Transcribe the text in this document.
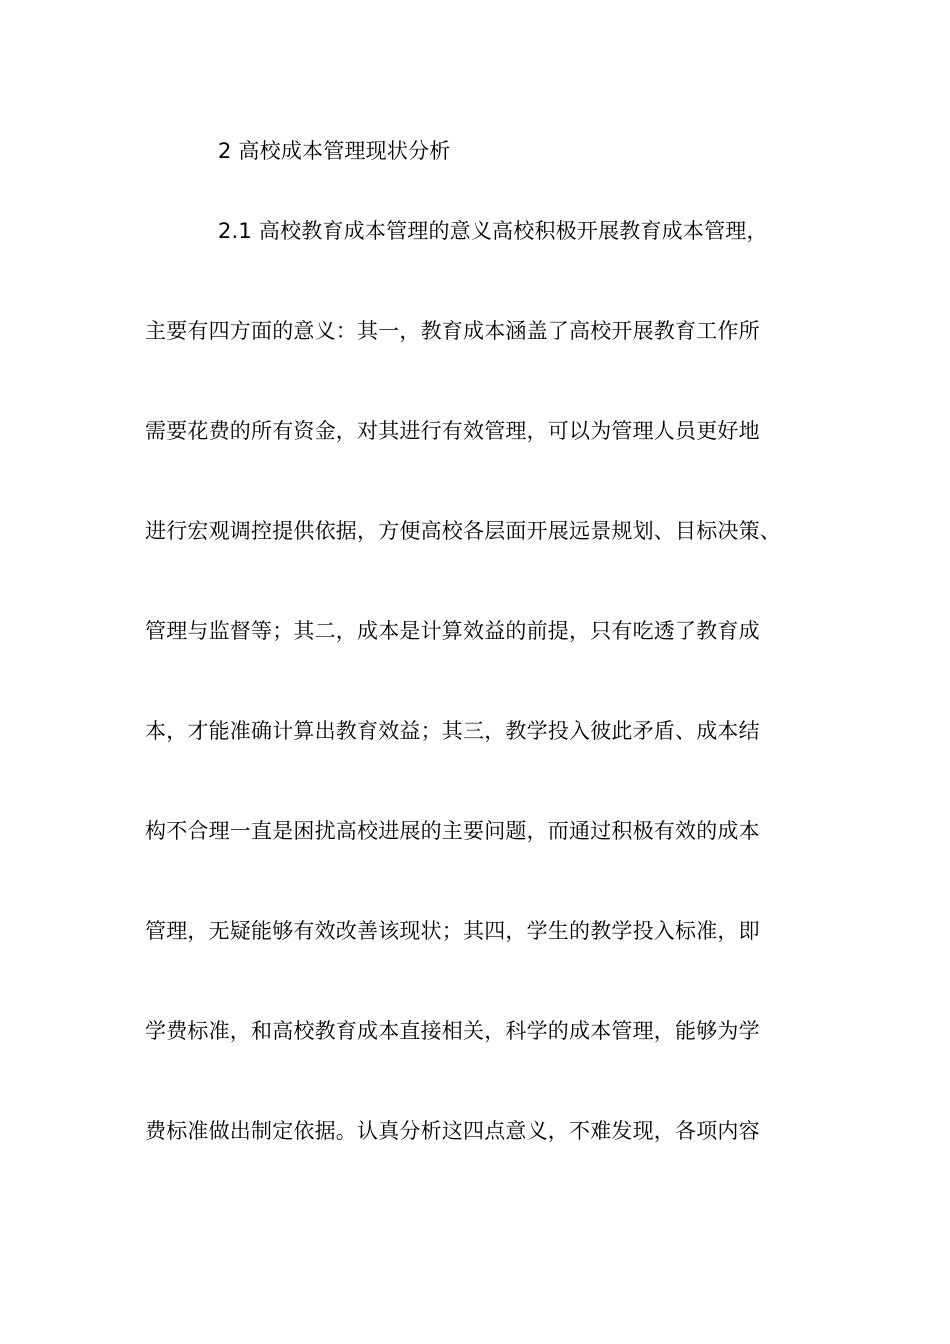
2 高校成本管理现状分析
2.1 高校教育成本管理的意义高校积极开展教育成本管理，
主要有四方面的意义：其一，教育成本涵盖了高校开展教育工作所
需要花费的所有资金，对其进行有效管理，可以为管理人员更好地
进行宏观调控提供依据，方便高校各层面开展远景规划、目标决策、
管理与监督等；其二，成本是计算效益的前提，只有吃透了教育成
本，才能准确计算出教育效益；其三，教学投入彼此矛盾、成本结
构不合理一直是困扰高校进展的主要问题，而通过积极有效的成本
管理，无疑能够有效改善该现状；其四，学生的教学投入标准，即
学费标准，和高校教育成本直接相关，科学的成本管理，能够为学
费标准做出制定依据。认真分析这四点意义，不难发现，各项内容
